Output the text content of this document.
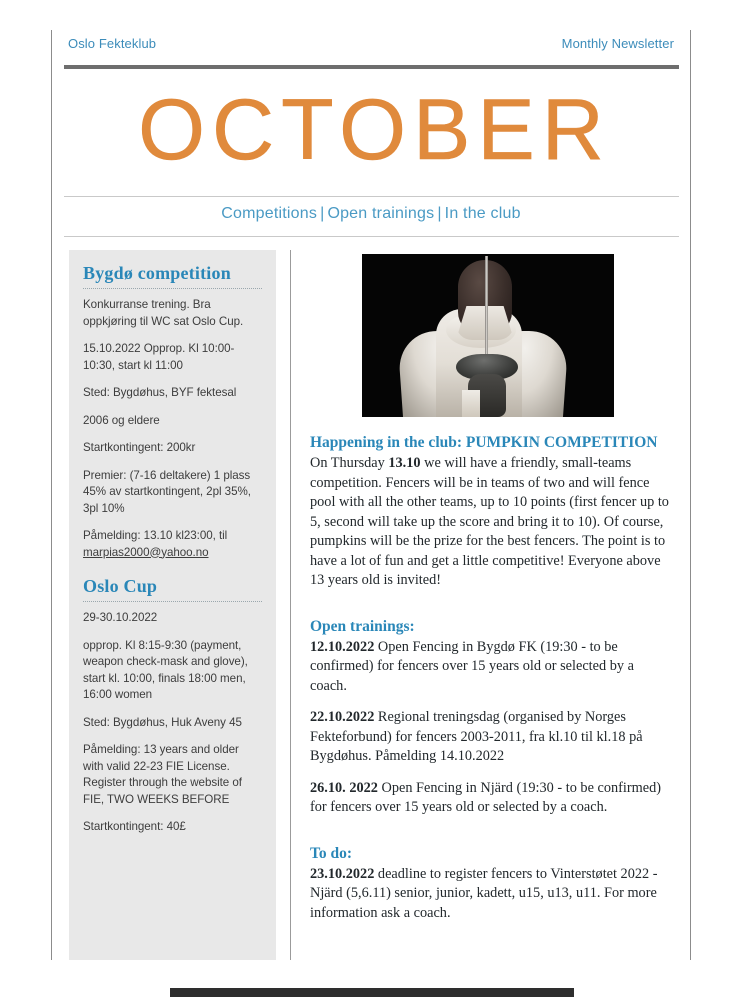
Oslo Fekteklub	Monthly Newsletter
OCTOBER
Competitions | Open trainings | In the club
Bygdø competition

Konkurranse trening. Bra oppkjøring til WC sat Oslo Cup.

15.10.2022 Opprop. Kl 10:00-10:30, start kl 11:00

Sted: Bygdøhus, BYF fektesal

2006 og eldere

Startkontingent: 200kr

Premier: (7-16 deltakere) 1 plass 45% av startkontingent, 2pl 35%, 3pl 10%

Påmelding: 13.10 kl23:00, til marpias2000@yahoo.no

Oslo Cup

29-30.10.2022

opprop. Kl 8:15-9:30 (payment, weapon check-mask and glove), start kl. 10:00, finals 18:00 men, 16:00 women

Sted: Bygdøhus, Huk Aveny 45

Påmelding: 13 years and older with valid 22-23 FIE License. Register through the website of FIE, TWO WEEKS BEFORE

Startkontingent: 40£

Happening in the club: PUMPKIN COMPETITION

On Thursday 13.10 we will have a friendly, small-teams competition. Fencers will be in teams of two and will fence pool with all the other teams, up to 10 points (first fencer up to 5, second will take up the score and bring it to 10). Of course, pumpkins will be the prize for the best fencers. The point is to have a lot of fun and get a little competitive! Everyone above 13 years old is invited!

Open trainings:

12.10.2022 Open Fencing in Bygdø FK (19:30 - to be confirmed) for fencers over 15 years old or selected by a coach.

22.10.2022 Regional treningsdag (organised by Norges Fekteforbund) for fencers 2003-2011, fra kl.10 til kl.18 på Bygdøhus. Påmelding 14.10.2022

26.10. 2022 Open Fencing in Njärd (19:30 - to be confirmed) for fencers over 15 years old or selected by a coach.

To do:

23.10.2022 deadline to register fencers to Vinterstøtet 2022 - Njärd (5,6.11) senior, junior, kadett, u15, u13, u11. For more information ask a coach.
